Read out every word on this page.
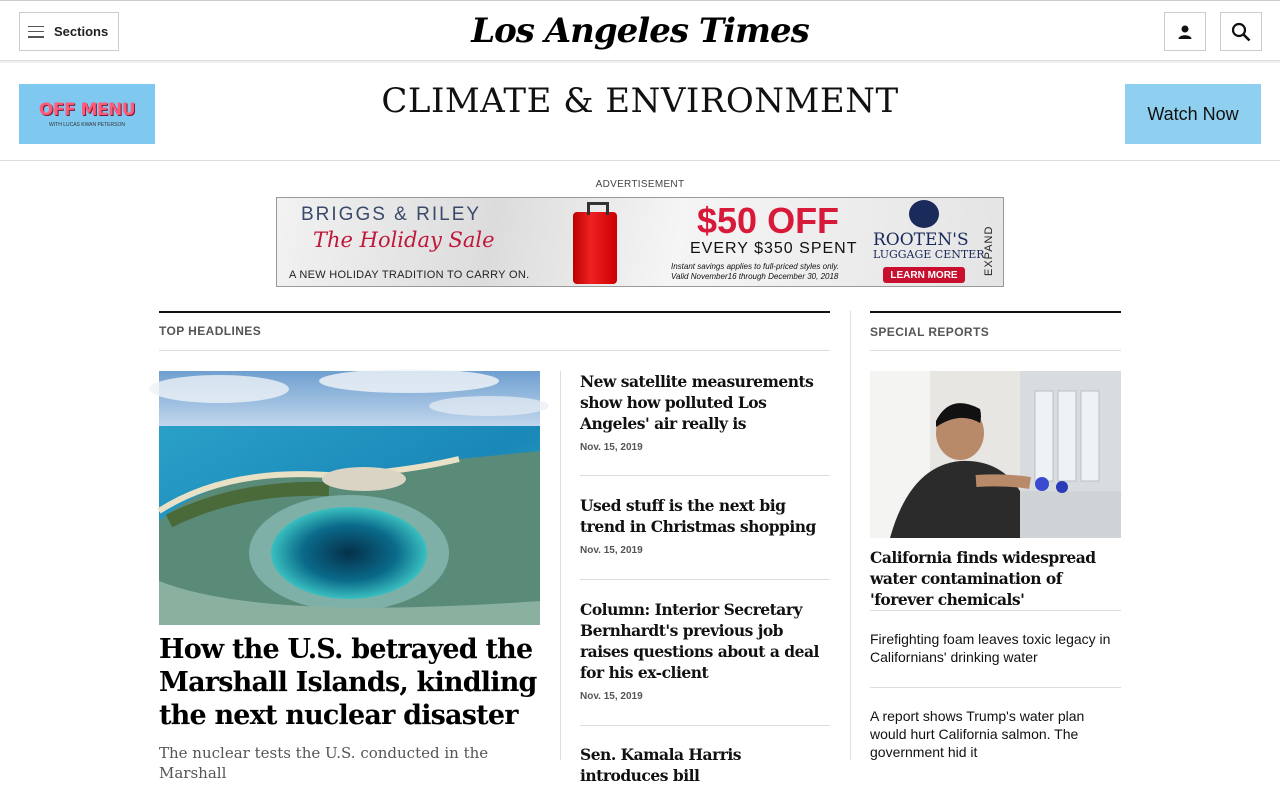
Sections	Los Angeles Times
OFF MENU
WITH LUCAS KWAN PETERSON
CLIMATE & ENVIRONMENT	Watch Now
ADVERTISEMENT
BRIGGS & RILEY
The Holiday Sale
A NEW HOLIDAY TRADITION TO CARRY ON.
$50 OFF
EVERY $350 SPENT
Instant savings applies to full-priced styles only.
Valid November16 through December 30, 2018
ROOTEN'S
LUGGAGE CENTER
LEARN MORE	EXPAND
TOP HEADLINES
How the U.S. betrayed the Marshall Islands, kindling the next nuclear disaster
The nuclear tests the U.S. conducted in the Marshall
New satellite measurements show how polluted Los Angeles' air really is
Nov. 15, 2019
Used stuff is the next big trend in Christmas shopping
Nov. 15, 2019
Column: Interior Secretary Bernhardt's previous job raises questions about a deal for his ex-client
Nov. 15, 2019
Sen. Kamala Harris introduces bill
SPECIAL REPORTS
California finds widespread water contamination of 'forever chemicals'
Firefighting foam leaves toxic legacy in Californians' drinking water
A report shows Trump's water plan would hurt California salmon. The government hid it
